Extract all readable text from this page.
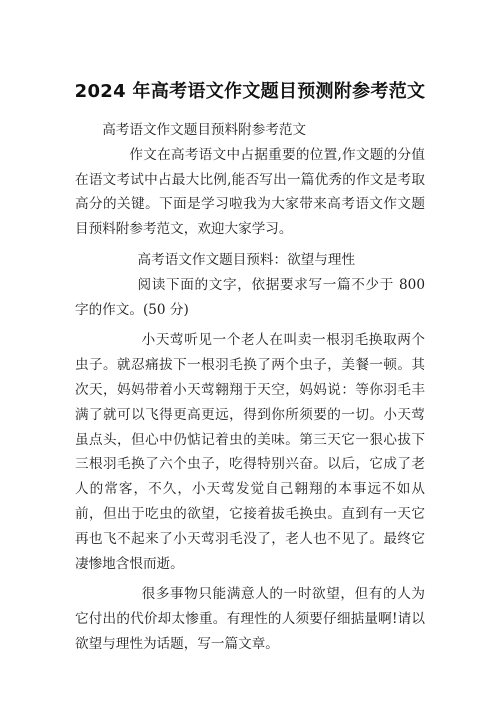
2024 年高考语文作文题目预测附参考范文

高考语文作文题目预料附参考范文

作文在高考语文中占据重要的位置,作文题的分值在语文考试中占最大比例,能否写出一篇优秀的作文是考取高分的关键。下面是学习啦我为大家带来高考语文作文题目预料附参考范文，欢迎大家学习。

高考语文作文题目预料：欲望与理性

阅读下面的文字，依据要求写一篇不少于 800 字的作文。(50 分)

小天莺听见一个老人在叫卖一根羽毛换取两个虫子。就忍痛拔下一根羽毛换了两个虫子，美餐一顿。其次天，妈妈带着小天莺翱翔于天空，妈妈说：等你羽毛丰满了就可以飞得更高更远，得到你所须要的一切。小天莺虽点头，但心中仍惦记着虫的美味。第三天它一狠心拔下三根羽毛换了六个虫子，吃得特别兴奋。以后，它成了老人的常客，不久，小天莺发觉自己翱翔的本事远不如从前，但出于吃虫的欲望，它接着拔毛换虫。直到有一天它再也飞不起来了小天莺羽毛没了，老人也不见了。最终它凄惨地含恨而逝。

很多事物只能满意人的一时欲望，但有的人为它付出的代价却太惨重。有理性的人须要仔细掂量啊!请以欲望与理性为话题，写一篇文章。
